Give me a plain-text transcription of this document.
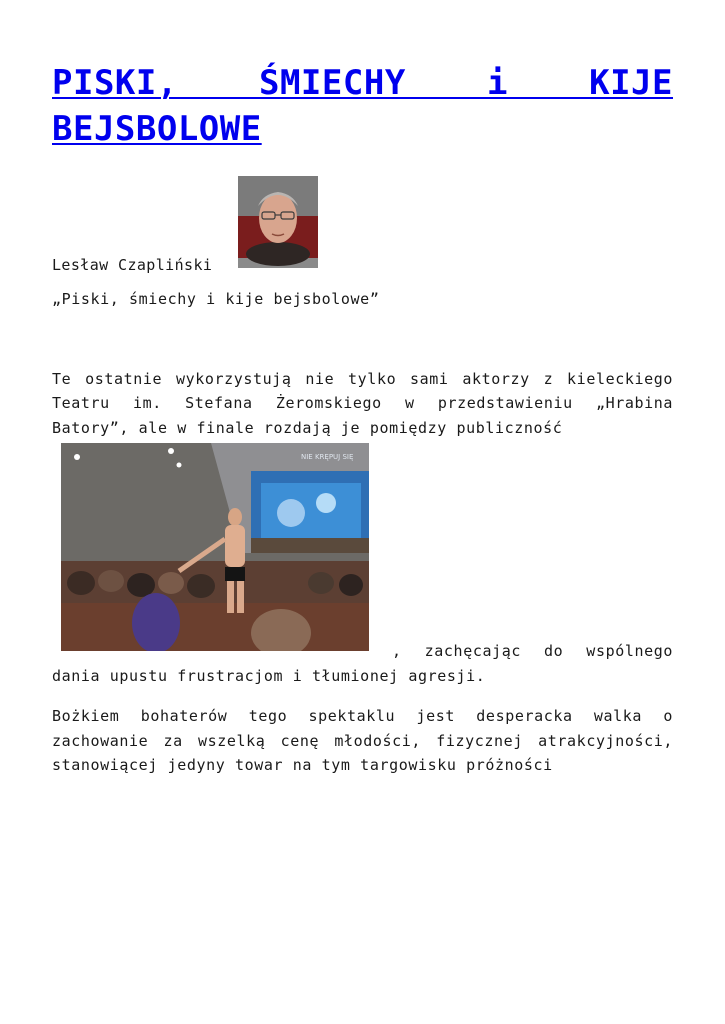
PISKI, ŚMIECHY i KIJE BEJSBOLOWE
Lesław Czapliński

„Piski, śmiechy i kije bejsbolowe”

Te ostatnie wykorzystują nie tylko sami aktorzy z kieleckiego Teatru im. Stefana Żeromskiego w przedstawieniu „Hrabina Batory”, ale w finale rozdają je pomiędzy publiczność

NIE KRĘPUJ SIĘ

, zachęcając do wspólnego
dania upustu frustracjom i tłumionej agresji.

Bożkiem bohaterów tego spektaklu jest desperacka walka o zachowanie za wszelką cenę młodości, fizycznej atrakcyjności, stanowiącej jedyny towar na tym targowisku próżności
